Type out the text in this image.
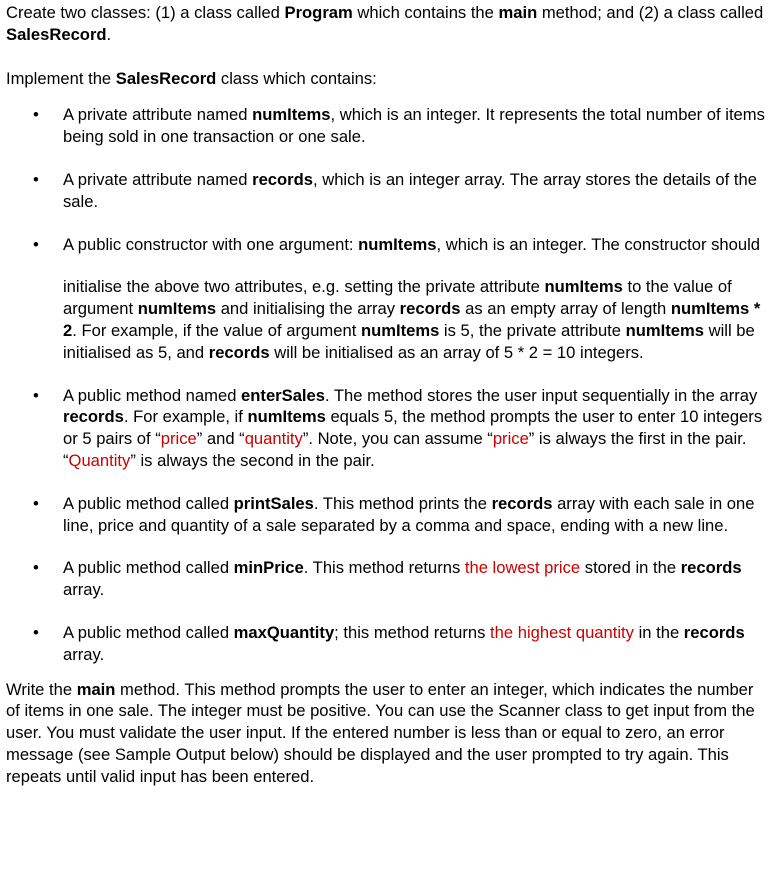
Create two classes: (1) a class called Program which contains the main method; and (2) a class called SalesRecord.

Implement the SalesRecord class which contains:

• A private attribute named numItems, which is an integer. It represents the total number of items being sold in one transaction or one sale.
• A private attribute named records, which is an integer array. The array stores the details of the sale.
• A public constructor with one argument: numItems, which is an integer. The constructor should

initialise the above two attributes, e.g. setting the private attribute numItems to the value of argument numItems and initialising the array records as an empty array of length numItems * 2. For example, if the value of argument numItems is 5, the private attribute numItems will be initialised as 5, and records will be initialised as an array of 5 * 2 = 10 integers.

• A public method named enterSales. The method stores the user input sequentially in the array records. For example, if numItems equals 5, the method prompts the user to enter 10 integers or 5 pairs of “price” and “quantity”. Note, you can assume “price” is always the first in the pair. “Quantity” is always the second in the pair.
• A public method called printSales. This method prints the records array with each sale in one line, price and quantity of a sale separated by a comma and space, ending with a new line.
• A public method called minPrice. This method returns the lowest price stored in the records array.
• A public method called maxQuantity; this method returns the highest quantity in the records array.

Write the main method. This method prompts the user to enter an integer, which indicates the number of items in one sale. The integer must be positive. You can use the Scanner class to get input from the user. You must validate the user input. If the entered number is less than or equal to zero, an error message (see Sample Output below) should be displayed and the user prompted to try again. This repeats until valid input has been entered.
